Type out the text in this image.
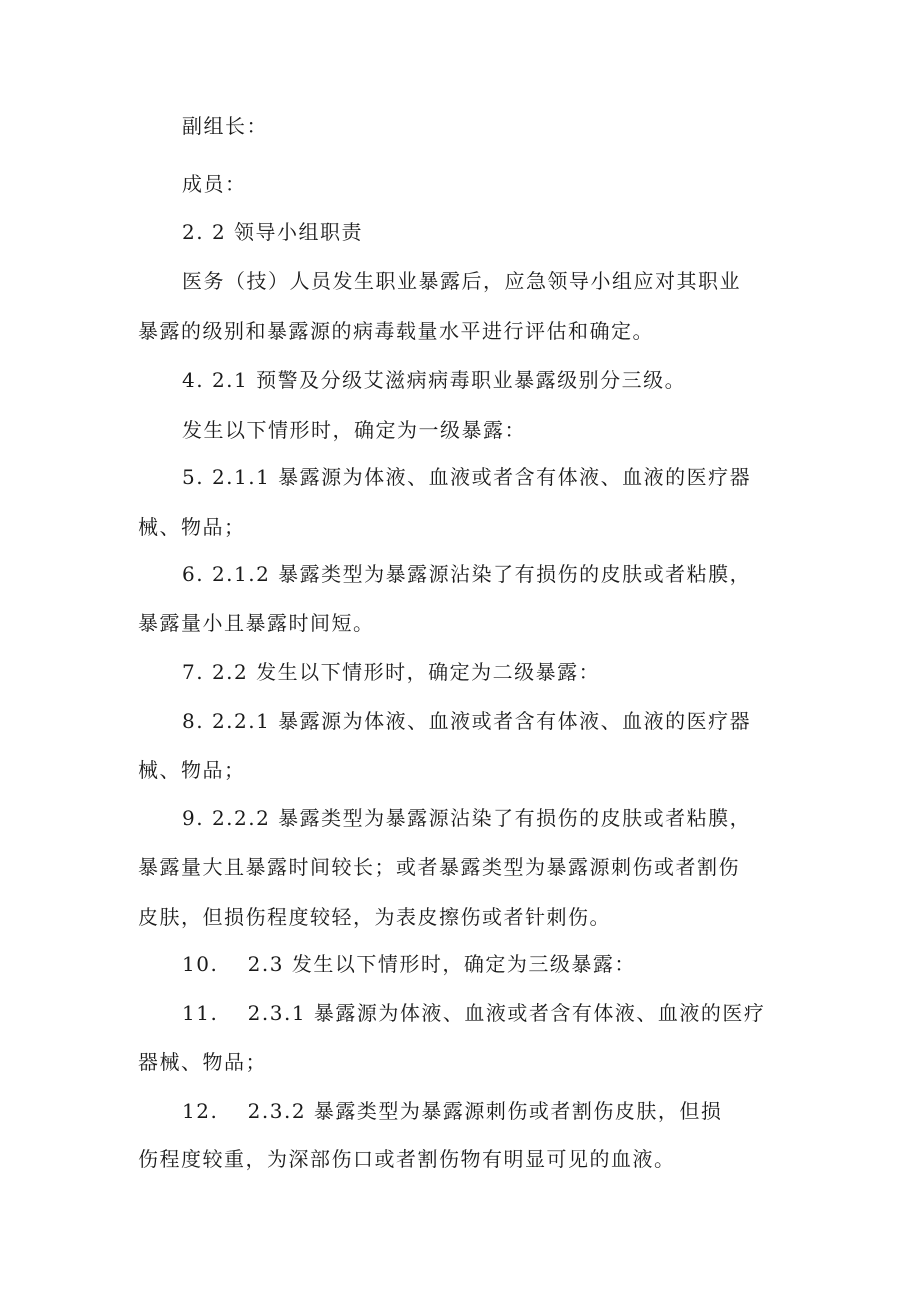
副组长：
成员：
2. 2 领导小组职责
医务（技）人员发生职业暴露后，应急领导小组应对其职业
暴露的级别和暴露源的病毒载量水平进行评估和确定。
4. 2.1 预警及分级艾滋病病毒职业暴露级别分三级。
发生以下情形时，确定为一级暴露：
5. 2.1.1 暴露源为体液、血液或者含有体液、血液的医疗器
械、物品；
6. 2.1.2 暴露类型为暴露源沾染了有损伤的皮肤或者粘膜，
暴露量小且暴露时间短。
7. 2.2 发生以下情形时，确定为二级暴露：
8. 2.2.1 暴露源为体液、血液或者含有体液、血液的医疗器
械、物品；
9. 2.2.2 暴露类型为暴露源沾染了有损伤的皮肤或者粘膜，
暴露量大且暴露时间较长；或者暴露类型为暴露源刺伤或者割伤
皮肤，但损伤程度较轻，为表皮擦伤或者针刺伤。
10.　 2.3 发生以下情形时，确定为三级暴露：
11.　 2.3.1 暴露源为体液、血液或者含有体液、血液的医疗
器械、物品；
12.　 2.3.2 暴露类型为暴露源刺伤或者割伤皮肤，但损
伤程度较重，为深部伤口或者割伤物有明显可见的血液。
